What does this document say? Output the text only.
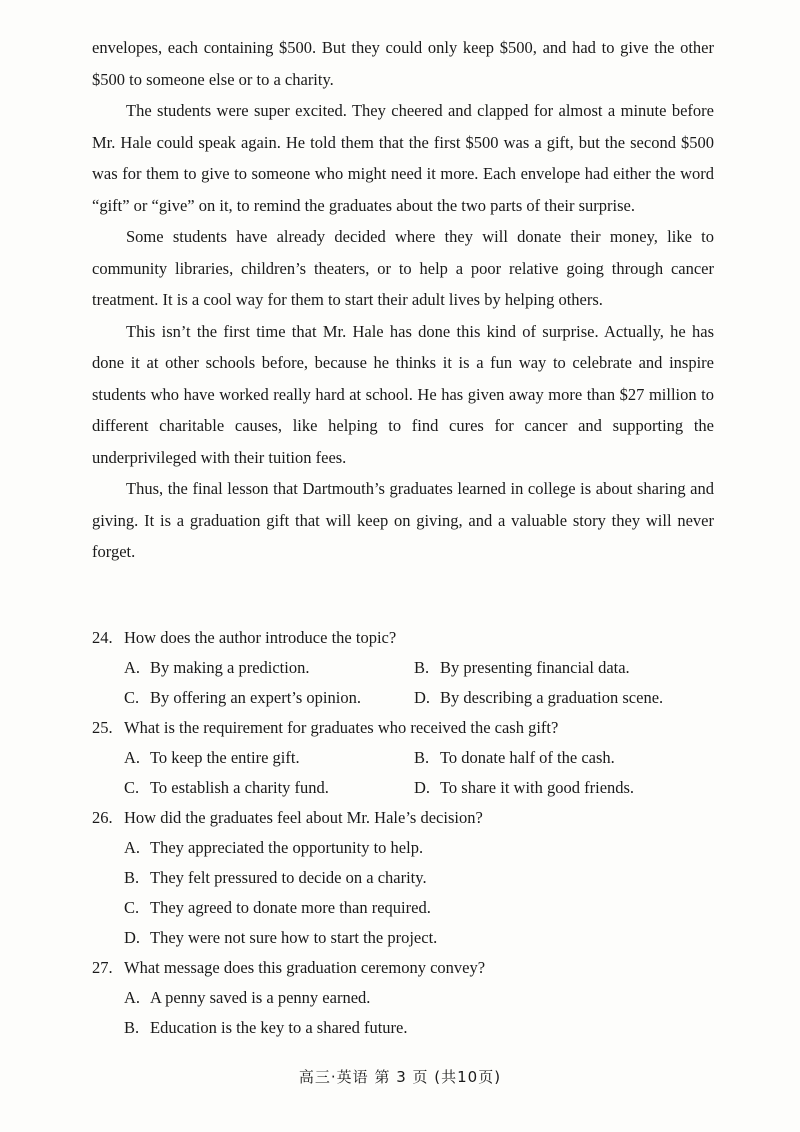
envelopes, each containing $500. But they could only keep $500, and had to give the other $500 to someone else or to a charity.

The students were super excited. They cheered and clapped for almost a minute before Mr. Hale could speak again. He told them that the first $500 was a gift, but the second $500 was for them to give to someone who might need it more. Each envelope had either the word “gift” or “give” on it, to remind the graduates about the two parts of their surprise.

Some students have already decided where they will donate their money, like to community libraries, children’s theaters, or to help a poor relative going through cancer treatment. It is a cool way for them to start their adult lives by helping others.

This isn’t the first time that Mr. Hale has done this kind of surprise. Actually, he has done it at other schools before, because he thinks it is a fun way to celebrate and inspire students who have worked really hard at school. He has given away more than $27 million to different charitable causes, like helping to find cures for cancer and supporting the underprivileged with their tuition fees.

Thus, the final lesson that Dartmouth’s graduates learned in college is about sharing and giving. It is a graduation gift that will keep on giving, and a valuable story they will never forget.

24. How does the author introduce the topic?
A. By making a prediction.	B. By presenting financial data.
C. By offering an expert’s opinion.	D. By describing a graduation scene.
25. What is the requirement for graduates who received the cash gift?
A. To keep the entire gift.	B. To donate half of the cash.
C. To establish a charity fund.	D. To share it with good friends.
26. How did the graduates feel about Mr. Hale’s decision?
A. They appreciated the opportunity to help.
B. They felt pressured to decide on a charity.
C. They agreed to donate more than required.
D. They were not sure how to start the project.
27. What message does this graduation ceremony convey?
A. A penny saved is a penny earned.
B. Education is the key to a shared future.
高三·英语 第 3 页 (共10页)
